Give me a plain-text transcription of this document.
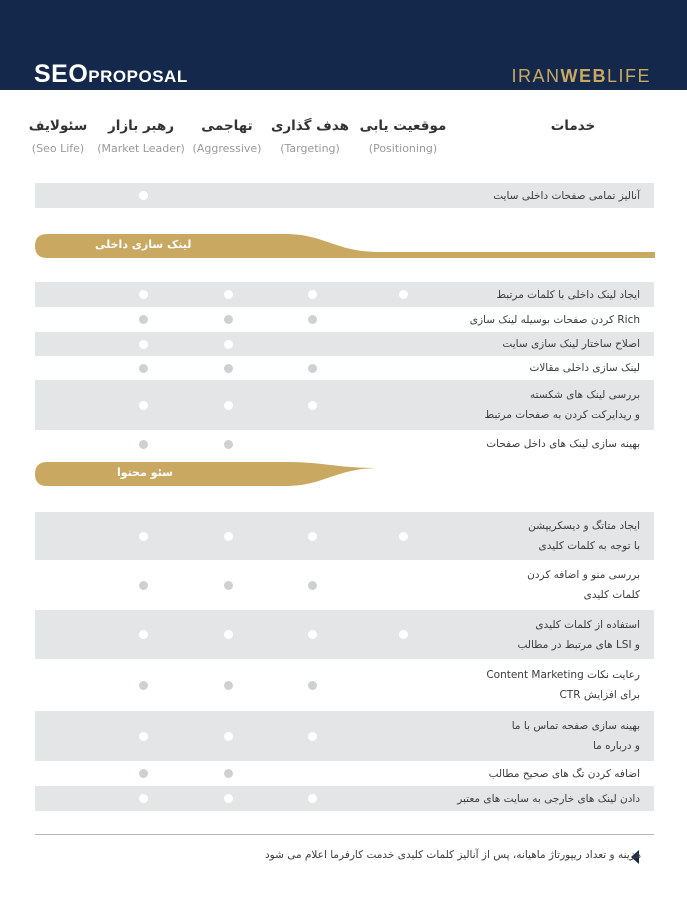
SEOPROPOSAL	IRANWEBLIFE
خدمات
موقعیت یابی
(Positioning)
هدف گذاری
(Targeting)
تهاجمی
(Aggressive)
رهبر بازار
(Market Leader)
سئولایف
(Seo Life)
آنالیز تمامی صفحات داخلی سایت
لینک سازی داخلی
ایجاد لینک داخلی با کلمات مرتبط
Rich کردن صفحات بوسیله لینک سازی
اصلاح ساختار لینک سازی سایت
لینک سازی داخلی مقالات
بررسی لینک های شکسته
و ریدایرکت کردن به صفحات مرتبط
بهینه سازی لینک های داخل صفحات
سئو محتوا
ایجاد متاتگ و دیسکریپشن
با توجه به کلمات کلیدی
بررسی منو و اضافه کردن
کلمات کلیدی
استفاده از کلمات کلیدی
و LSI های مرتبط در مطالب
رعایت نکات Content Marketing
برای افزایش CTR
بهینه سازی صفحه تماس با ما
و درباره ما
اضافه کردن تگ های صحیح مطالب
دادن لینک های خارجی به سایت های معتبر
هزینه و تعداد ریپورتاژ ماهیانه، پس از آنالیز کلمات کلیدی خدمت کارفرما اعلام می شود
